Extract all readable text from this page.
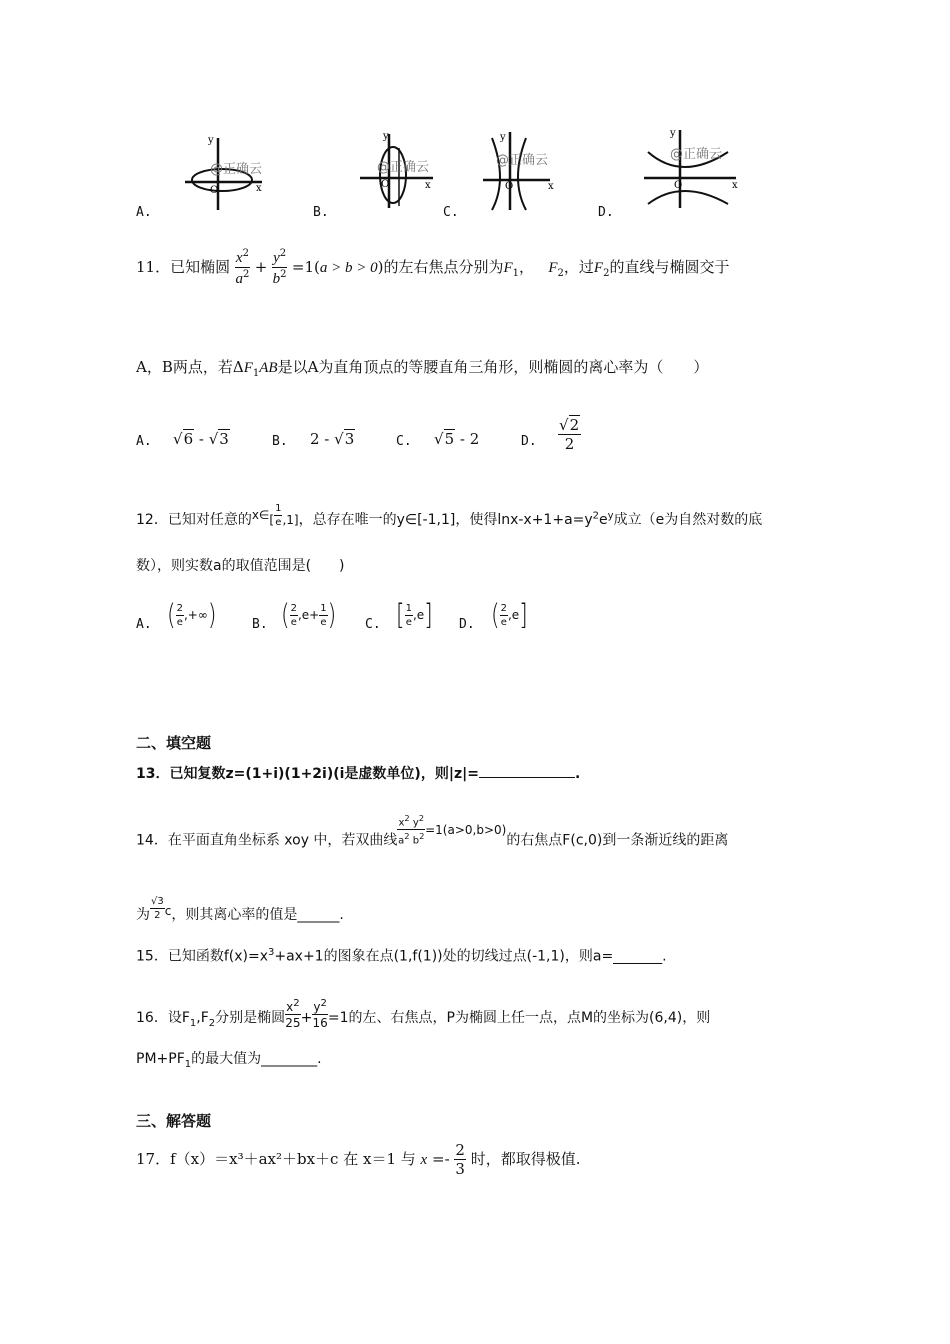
A.	B.	C.	D.
y
x
O
@正确云
y
x
O
@正确云
y
x
O
@正确云
y
x
O
@正确云
11．已知椭圆 $\frac{x^2}{a^2} + \frac{y^2}{b^2} =1(a > b > 0)$的左右焦点分别为$F_1$， $F_2$，过$F_2$的直线与椭圆交于
A，B两点，若$\Delta F_1AB$是以A为直角顶点的等腰直角三角形，则椭圆的离心率为（　　）
A. √6 - √3	B. 2 - √3	C. √5 - 2	D. $\frac{√2}{2}$
12．已知对任意的x∈[ $\frac{1}{e} ,1$]，总存在唯一的y∈[-1,1]，使得lnx-$x+1+a=y^2e^y$成立（e为自然对数的底
数），则实数a的取值范围是(　　)
A. ( $\frac{2}{e}$ ,+∞)	B. ( $\frac{2}{e} ,e+ \frac{1}{e}$ ) C. [ $\frac{1}{e} ,e$] D. ( $\frac{2}{e} ,e$]
二、填空题
13．已知复数z=(1+i)(1+2i)(i是虚数单位)，则|z|=	.
14．在平面直角坐标系 xoy 中，若双曲线 $\frac{x^2 y^2}{a^2 b^2} =1(a>0,b>0)$的右焦点F(c,0)到一条渐近线的距离
为 $\frac{√3}{2}$ c，则其离心率的值是______.
15．已知函数$f(x)=x^3+ax+1$的图象在点(1,f(1))处的切线过点(-1,1)，则a=_______.
16．设$F_1,F_2$分别是椭圆 $\frac{x^2}{25} + \frac{y^2}{16} =1$的左、右焦点，P为椭圆上任一点，点M的坐标为(6,4)，则
$PM+PF_1$的最大值为________.
三、解答题
17．f（x）＝x³＋ax²＋bx＋c 在 x＝1 与 $x =- \frac{2}{3}$ 时，都取得极值.
